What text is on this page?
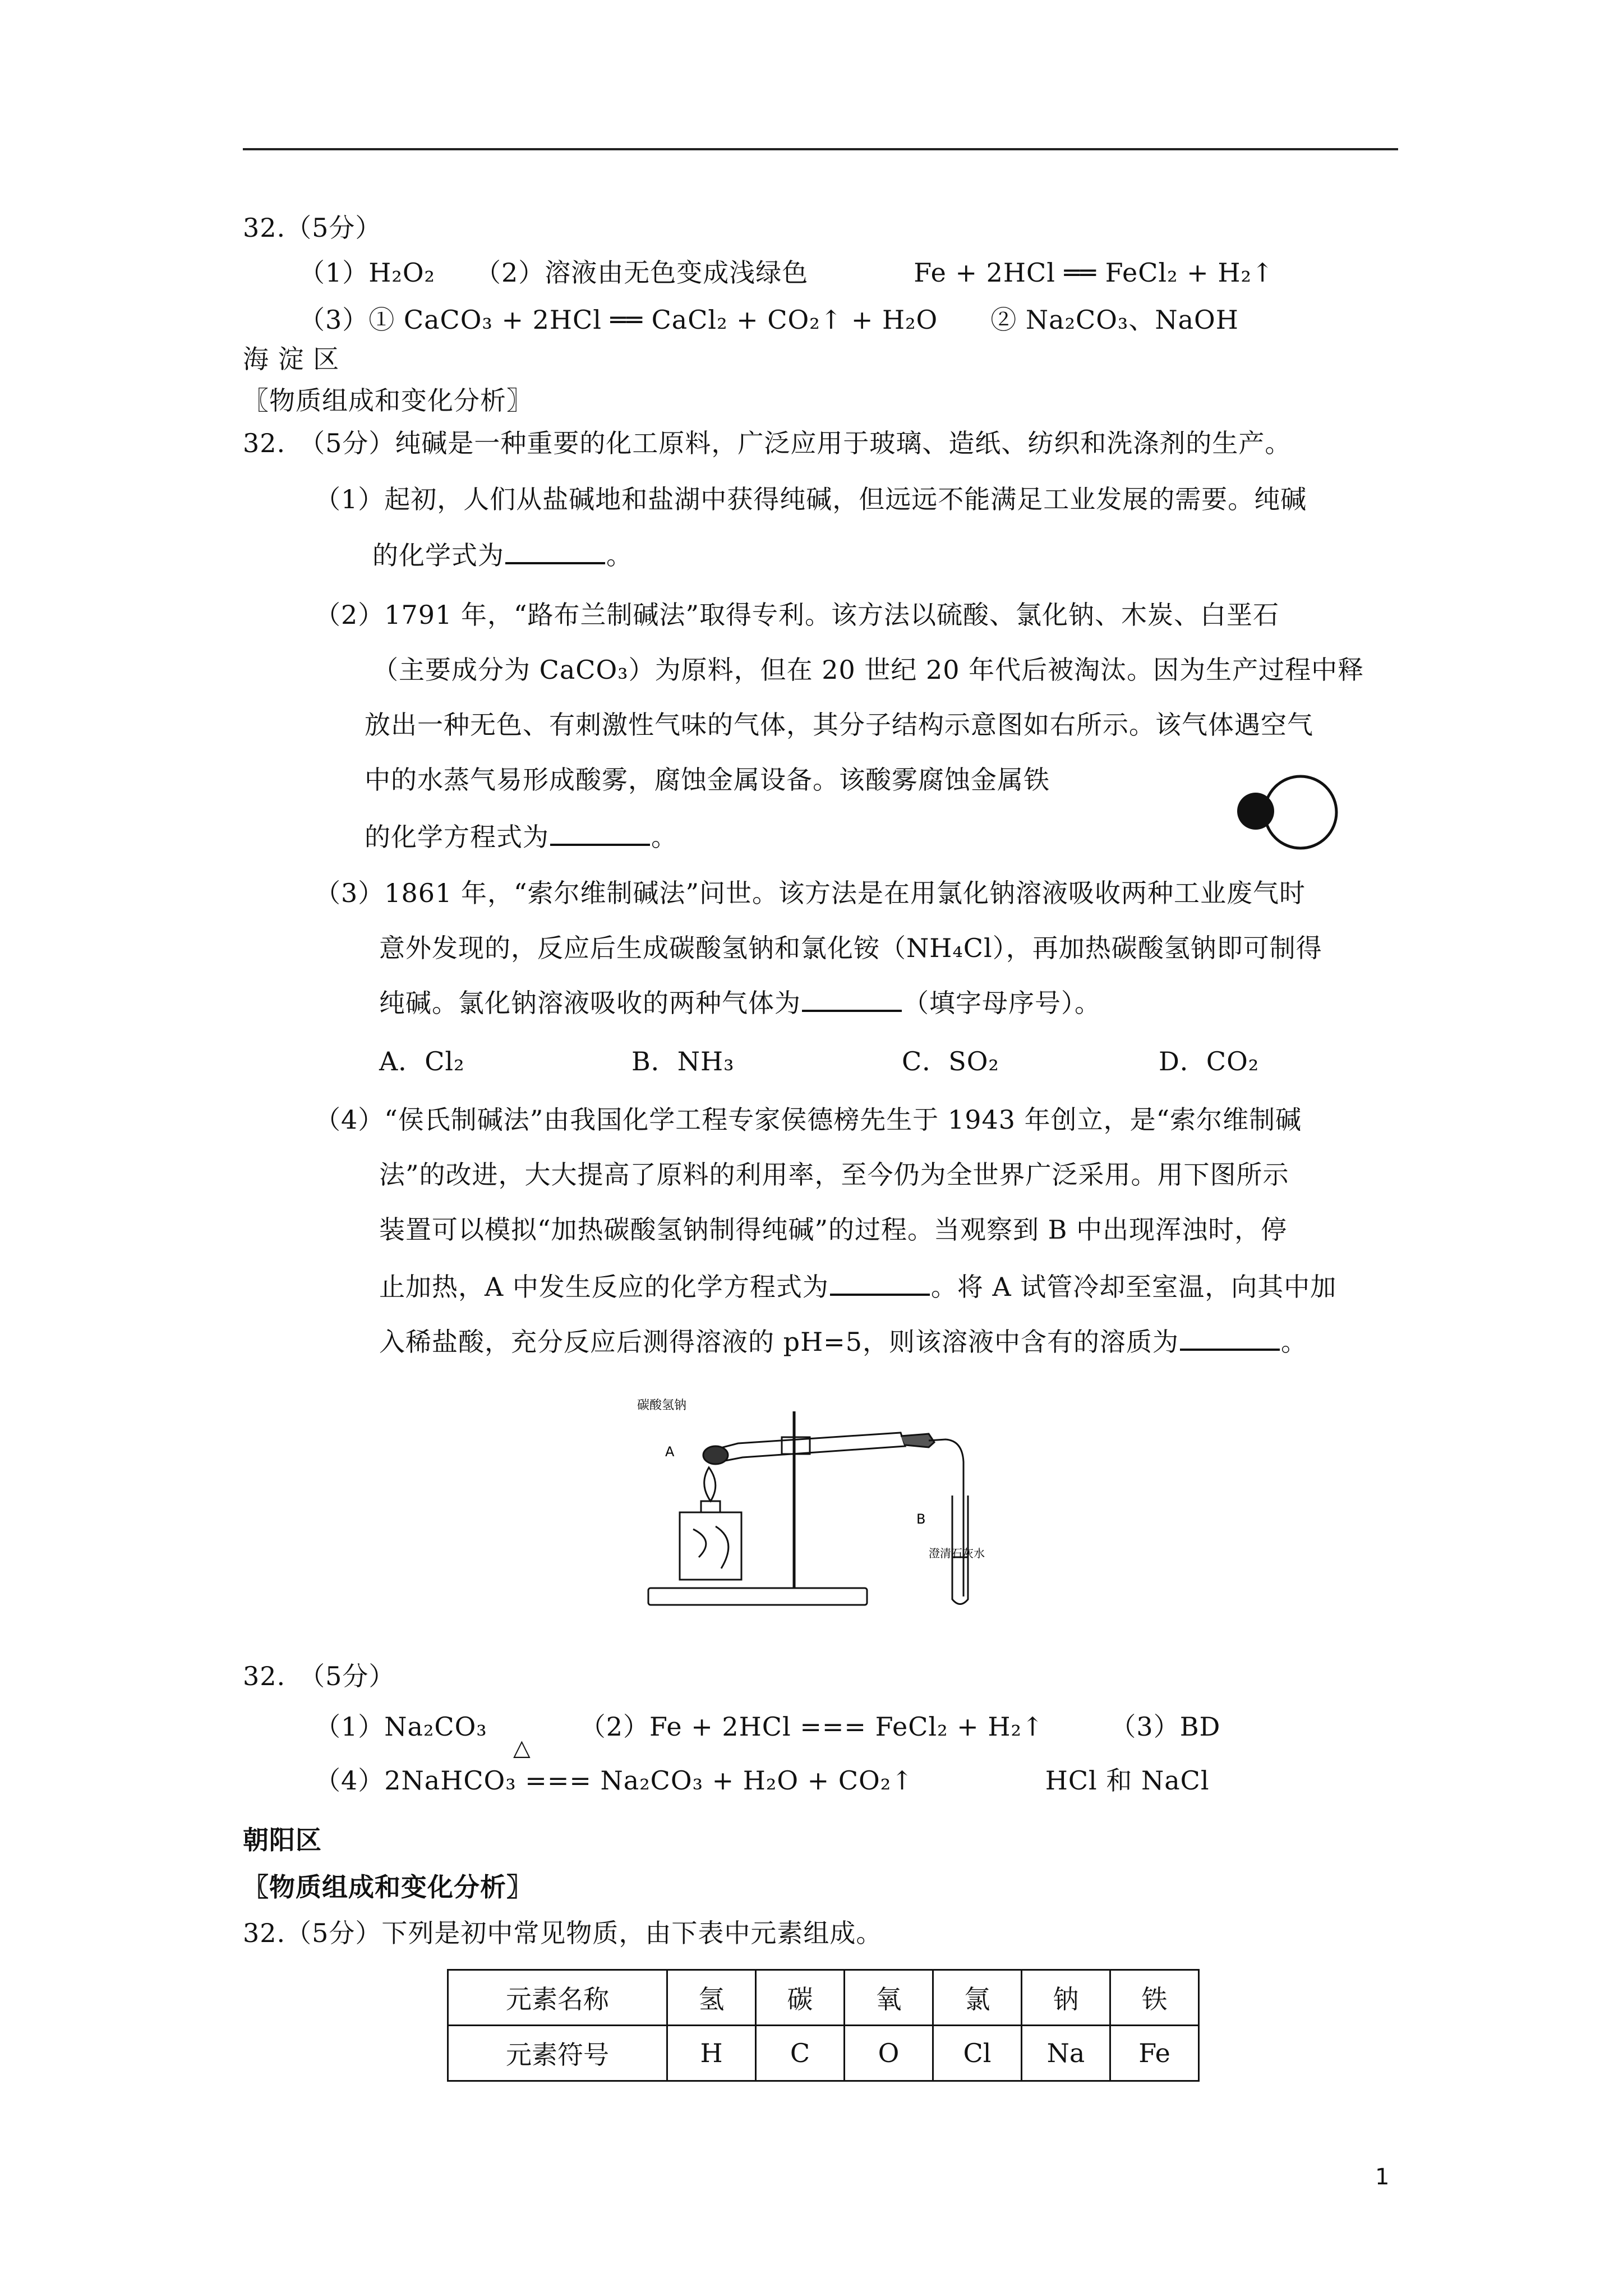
32.（5分）
（1）H₂O₂　　（2）溶液由无色变成浅绿色　　　　Fe + 2HCl ══ FeCl₂ + H₂↑
（3）① CaCO₃ + 2HCl ══ CaCl₂ + CO₂↑ + H₂O　　② Na₂CO₃、NaOH
海 淀 区
〖物质组成和变化分析〗
32.　（5分）纯碱是一种重要的化工原料，广泛应用于玻璃、造纸、纺织和洗涤剂的生产。
（1）起初，人们从盐碱地和盐湖中获得纯碱，但远远不能满足工业发展的需要。纯碱
的化学式为	。
（2）1791 年，“路布兰制碱法”取得专利。该方法以硫酸、氯化钠、木炭、白垩石
（主要成分为 CaCO₃）为原料，但在 20 世纪 20 年代后被淘汰。因为生产过程中释
放出一种无色、有刺激性气味的气体，其分子结构示意图如右所示。该气体遇空气
中的水蒸气易形成酸雾，腐蚀金属设备。该酸雾腐蚀金属铁
的化学方程式为	。
（3）1861 年，“索尔维制碱法”问世。该方法是在用氯化钠溶液吸收两种工业废气时
意外发现的，反应后生成碳酸氢钠和氯化铵（NH₄Cl），再加热碳酸氢钠即可制得
纯碱。氯化钠溶液吸收的两种气体为	（填字母序号）。
A．Cl₂	B．NH₃	C．SO₂	D．CO₂
（4）“侯氏制碱法”由我国化学工程专家侯德榜先生于 1943 年创立，是“索尔维制碱
法”的改进，大大提高了原料的利用率，至今仍为全世界广泛采用。用下图所示
装置可以模拟“加热碳酸氢钠制得纯碱”的过程。当观察到 B 中出现浑浊时，停
止加热，A 中发生反应的化学方程式为	。将 A 试管冷却至室温，向其中加
入稀盐酸，充分反应后测得溶液的 pH=5，则该溶液中含有的溶质为	。
碳酸氢钠
A
B
澄清石灰水
32.　（5分）
（1）Na₂CO₃　　　　（2）Fe + 2HCl === FeCl₂ + H₂↑　　　（3）BD
△
（4）2NaHCO₃ === Na₂CO₃ + H₂O + CO₂↑　　　　　HCl 和 NaCl
朝阳区
〖物质组成和变化分析〗
32.（5分）下列是初中常见物质，由下表中元素组成。
元素名称	氢	碳	氧	氯	钠	铁
元素符号	H	C	O	Cl	Na	Fe
1
